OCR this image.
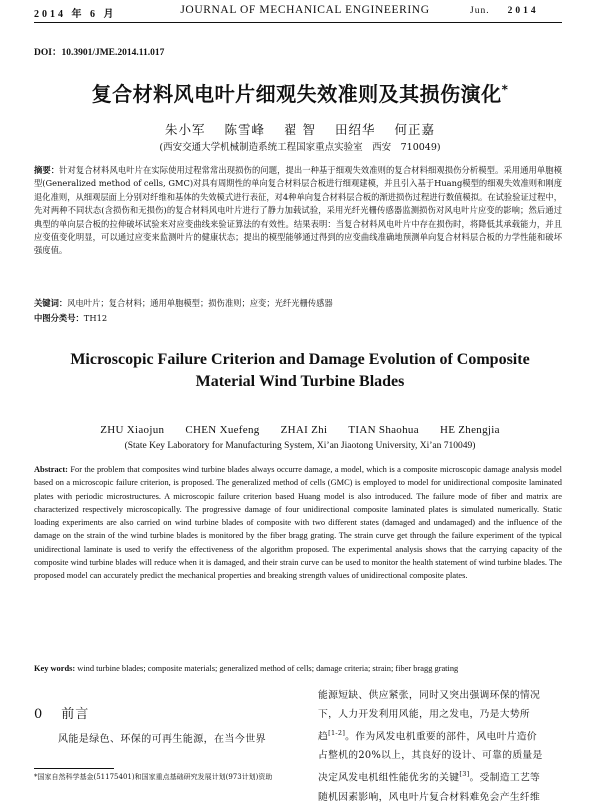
2014 年 6 月	JOURNAL OF MECHANICAL ENGINEERING	Jun. 2014
DOI：10.3901/JME.2014.11.017
复合材料风电叶片细观失效准则及其损伤演化*
朱小军 陈雪峰 翟 智 田绍华 何正嘉
(西安交通大学机械制造系统工程国家重点实验室　西安　710049)
摘要：针对复合材料风电叶片在实际使用过程常常出现损伤的问题，提出一种基于细观失效准则的复合材料细观损伤分析模型。采用通用单胞模型(Generalized method of cells, GMC)对具有周期性的单向复合材料层合板进行细观建模，并且引入基于Huang模型的细观失效准则和刚度退化准则，从细观层面上分别对纤维和基体的失效模式进行表征，对4种单向复合材料层合板的渐进损伤过程进行数值模拟。在试验验证过程中，先对两种不同状态(含损伤和无损伤)的复合材料风电叶片进行了静力加载试验，采用光纤光栅传感器监测损伤对风电叶片应变的影响；然后通过典型的单向层合板的拉伸破坏试验来对应变曲线来验证算法的有效性。结果表明：当复合材料风电叶片中存在损伤时，将降低其承载能力，并且应变值变化明显，可以通过应变来监测叶片的健康状态；提出的模型能够通过得到的应变曲线准确地预测单向复合材料层合板的力学性能和破坏强度值。
关键词：风电叶片；复合材料；通用单胞模型；损伤准则；应变；光纤光栅传感器
中图分类号：TH12
Microscopic Failure Criterion and Damage Evolution of Composite
Material Wind Turbine Blades
ZHU Xiaojun CHEN Xuefeng ZHAI Zhi TIAN Shaohua HE Zhengjia
(State Key Laboratory for Manufacturing System, Xi’an Jiaotong University, Xi’an 710049)
Abstract: For the problem that composites wind turbine blades always occurre damage, a model, which is a composite microscopic damage analysis model based on a microscopic failure criterion, is proposed. The generalized method of cells (GMC) is employed to model for unidirectional composite laminated plates with periodic microstructures. A microscopic failure criterion based Huang model is also introduced. The failure mode of fiber and matrix are characterized respectively microscopically. The progressive damage of four unidirectional composite laminated plates is simulated numerically. Static loading experiments are also carried on wind turbine blades of composite with two different states (damaged and undamaged) and the influence of the damage on the strain of the wind turbine blades is monitored by the fiber bragg grating. The strain curve get through the failure experiment of the typical unidirectional laminate is used to verify the effectiveness of the algorithm proposed. The experimental analysis shows that the carrying capacity of the composite wind turbine blades will reduce when it is damaged, and their strain curve can be used to monitor the health statement of wind turbine blades. The proposed model can accurately predict the mechanical properties and breaking strength values of unidirectional composite plates.
Key words: wind turbine blades; composite materials; generalized method of cells; damage criteria; strain; fiber bragg grating
0 前言
风能是绿色、环保的可再生能源，在当今世界
*国家自然科学基金(51175401)和国家重点基础研究发展计划(973计划)资助
能源短缺、供应紧张，同时又突出强调环保的情况
下，人力开发利用风能，用之发电，乃是大势所
趋[1-2]。作为风发电机重要的部件，风电叶片造价
占整机的20%以上，其良好的设计、可靠的质量是
决定风发电机组性能优劣的关键[3]。受制造工艺等
随机因素影响，风电叶片复合材料难免会产生纤维
